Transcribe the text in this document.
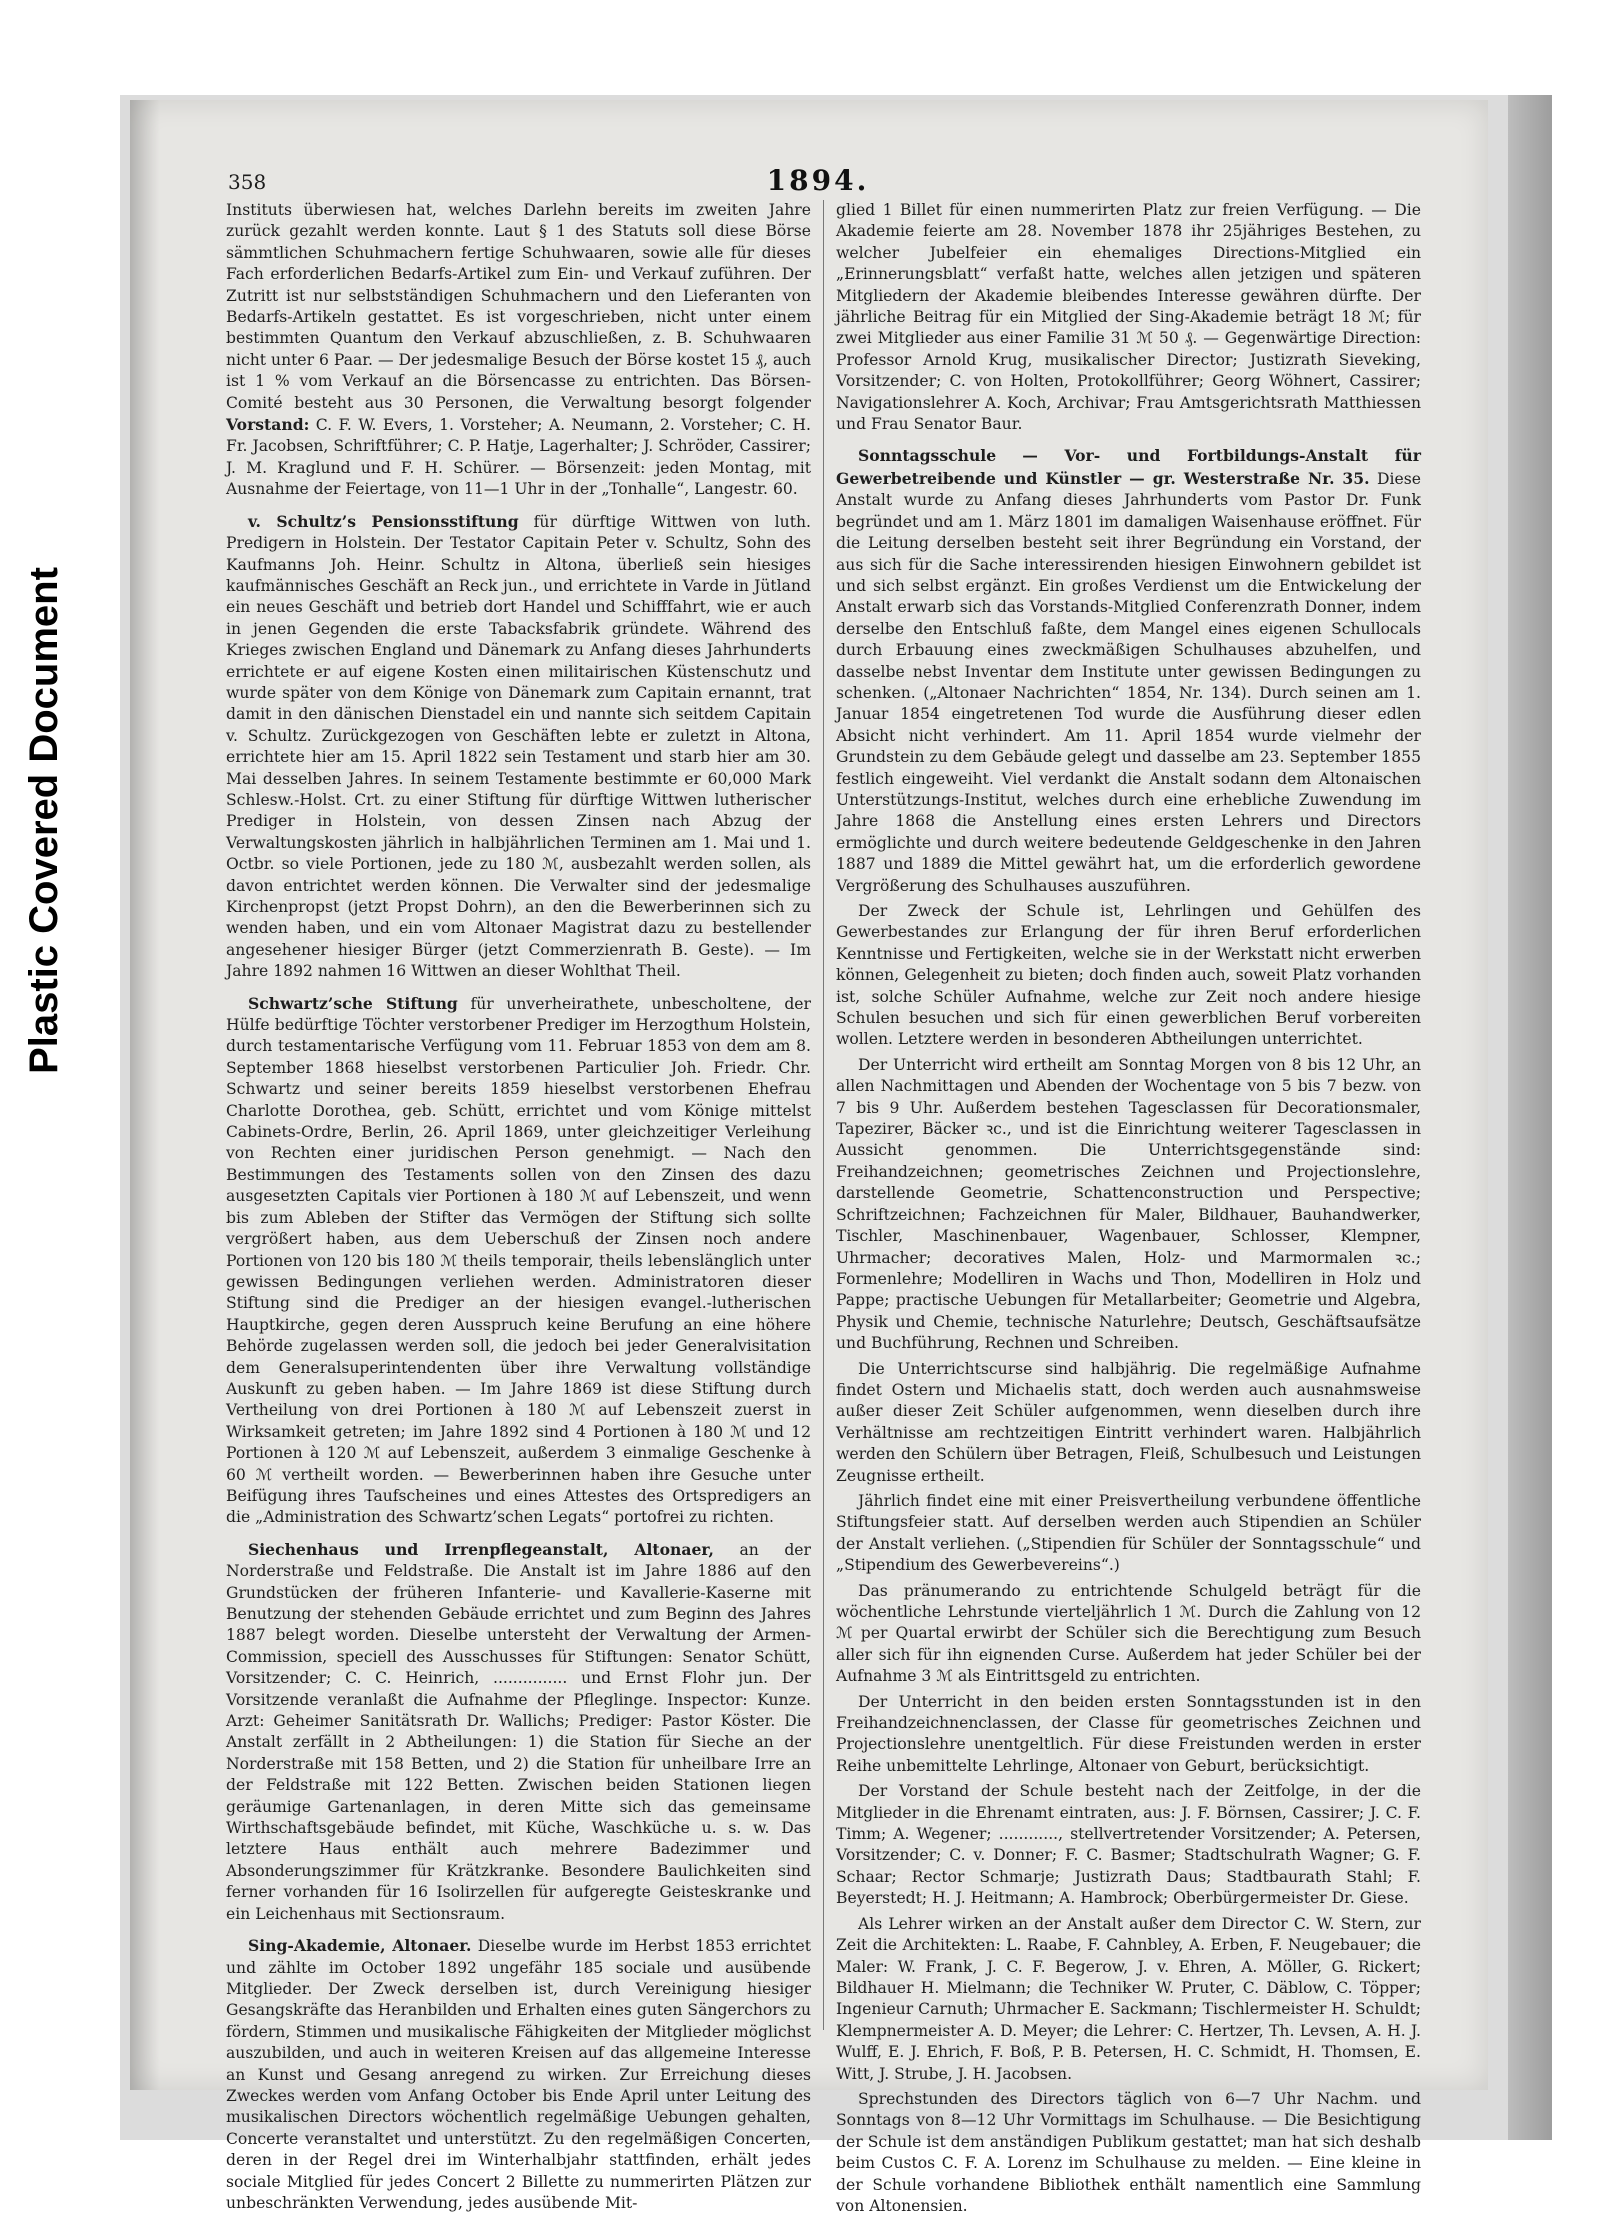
Plastic Covered Document
358	1894.

Instituts überwiesen hat, welches Darlehn bereits im zweiten Jahre zurück gezahlt werden konnte. Laut § 1 des Statuts soll diese Börse sämmtlichen Schuhmachern fertige Schuhwaaren, sowie alle für dieses Fach erforderlichen Bedarfs-Artikel zum Ein- und Verkauf zuführen. Der Zutritt ist nur selbstständigen Schuhmachern und den Lieferanten von Bedarfs-Artikeln gestattet. Es ist vorgeschrieben, nicht unter einem bestimmten Quantum den Verkauf abzuschließen, z. B. Schuhwaaren nicht unter 6 Paar. — Der jedesmalige Besuch der Börse kostet 15 ₰, auch ist 1 % vom Verkauf an die Börsencasse zu entrichten. Das Börsen-Comité besteht aus 30 Personen, die Verwaltung besorgt folgender Vorstand: C. F. W. Evers, 1. Vorsteher; A. Neumann, 2. Vorsteher; C. H. Fr. Jacobsen, Schriftführer; C. P. Hatje, Lagerhalter; J. Schröder, Cassirer; J. M. Kraglund und F. H. Schürer. — Börsenzeit: jeden Montag, mit Ausnahme der Feiertage, von 11—1 Uhr in der „Tonhalle“, Langestr. 60.

v. Schultz’s Pensionsstiftung für dürftige Wittwen von luth. Predigern in Holstein. Der Testator Capitain Peter v. Schultz, Sohn des Kaufmanns Joh. Heinr. Schultz in Altona, überließ sein hiesiges kaufmännisches Geschäft an Reck jun., und errichtete in Varde in Jütland ein neues Geschäft und betrieb dort Handel und Schifffahrt, wie er auch in jenen Gegenden die erste Tabacksfabrik gründete. Während des Krieges zwischen England und Dänemark zu Anfang dieses Jahrhunderts errichtete er auf eigene Kosten einen militairischen Küstenschutz und wurde später von dem Könige von Dänemark zum Capitain ernannt, trat damit in den dänischen Dienstadel ein und nannte sich seitdem Capitain v. Schultz. Zurückgezogen von Geschäften lebte er zuletzt in Altona, errichtete hier am 15. April 1822 sein Testament und starb hier am 30. Mai desselben Jahres. In seinem Testamente bestimmte er 60,000 Mark Schlesw.-Holst. Crt. zu einer Stiftung für dürftige Wittwen lutherischer Prediger in Holstein, von dessen Zinsen nach Abzug der Verwaltungskosten jährlich in halbjährlichen Terminen am 1. Mai und 1. Octbr. so viele Portionen, jede zu 180 ℳ, ausbezahlt werden sollen, als davon entrichtet werden können. Die Verwalter sind der jedesmalige Kirchenpropst (jetzt Propst Dohrn), an den die Bewerberinnen sich zu wenden haben, und ein vom Altonaer Magistrat dazu zu bestellender angesehener hiesiger Bürger (jetzt Commerzienrath B. Geste). — Im Jahre 1892 nahmen 16 Wittwen an dieser Wohlthat Theil.

Schwartz’sche Stiftung für unverheirathete, unbescholtene, der Hülfe bedürftige Töchter verstorbener Prediger im Herzogthum Holstein, durch testamentarische Verfügung vom 11. Februar 1853 von dem am 8. September 1868 hieselbst verstorbenen Particulier Joh. Friedr. Chr. Schwartz und seiner bereits 1859 hieselbst verstorbenen Ehefrau Charlotte Dorothea, geb. Schütt, errichtet und vom Könige mittelst Cabinets-Ordre, Berlin, 26. April 1869, unter gleichzeitiger Verleihung von Rechten einer juridischen Person genehmigt. — Nach den Bestimmungen des Testaments sollen von den Zinsen des dazu ausgesetzten Capitals vier Portionen à 180 ℳ auf Lebenszeit, und wenn bis zum Ableben der Stifter das Vermögen der Stiftung sich sollte vergrößert haben, aus dem Ueberschuß der Zinsen noch andere Portionen von 120 bis 180 ℳ theils temporair, theils lebenslänglich unter gewissen Bedingungen verliehen werden. Administratoren dieser Stiftung sind die Prediger an der hiesigen evangel.-lutherischen Hauptkirche, gegen deren Ausspruch keine Berufung an eine höhere Behörde zugelassen werden soll, die jedoch bei jeder Generalvisitation dem Generalsuperintendenten über ihre Verwaltung vollständige Auskunft zu geben haben. — Im Jahre 1869 ist diese Stiftung durch Vertheilung von drei Portionen à 180 ℳ auf Lebenszeit zuerst in Wirksamkeit getreten; im Jahre 1892 sind 4 Portionen à 180 ℳ und 12 Portionen à 120 ℳ auf Lebenszeit, außerdem 3 einmalige Geschenke à 60 ℳ vertheilt worden. — Bewerberinnen haben ihre Gesuche unter Beifügung ihres Taufscheines und eines Attestes des Ortspredigers an die „Administration des Schwartz’schen Legats“ portofrei zu richten.

Siechenhaus und Irrenpflegeanstalt, Altonaer, an der Norderstraße und Feldstraße. Die Anstalt ist im Jahre 1886 auf den Grundstücken der früheren Infanterie- und Kavallerie-Kaserne mit Benutzung der stehenden Gebäude errichtet und zum Beginn des Jahres 1887 belegt worden. Dieselbe untersteht der Verwaltung der Armen-Commission, speciell des Ausschusses für Stiftungen: Senator Schütt, Vorsitzender; C. C. Heinrich, ............... und Ernst Flohr jun. Der Vorsitzende veranlaßt die Aufnahme der Pfleglinge. Inspector: Kunze. Arzt: Geheimer Sanitätsrath Dr. Wallichs; Prediger: Pastor Köster. Die Anstalt zerfällt in 2 Abtheilungen: 1) die Station für Sieche an der Norderstraße mit 158 Betten, und 2) die Station für unheilbare Irre an der Feldstraße mit 122 Betten. Zwischen beiden Stationen liegen geräumige Gartenanlagen, in deren Mitte sich das gemeinsame Wirthschaftsgebäude befindet, mit Küche, Waschküche u. s. w. Das letztere Haus enthält auch mehrere Badezimmer und Absonderungszimmer für Krätzkranke. Besondere Baulichkeiten sind ferner vorhanden für 16 Isolirzellen für aufgeregte Geisteskranke und ein Leichenhaus mit Sectionsraum.

Sing-Akademie, Altonaer. Dieselbe wurde im Herbst 1853 errichtet und zählte im October 1892 ungefähr 185 sociale und ausübende Mitglieder. Der Zweck derselben ist, durch Vereinigung hiesiger Gesangskräfte das Heranbilden und Erhalten eines guten Sängerchors zu fördern, Stimmen und musikalische Fähigkeiten der Mitglieder möglichst auszubilden, und auch in weiteren Kreisen auf das allgemeine Interesse an Kunst und Gesang anregend zu wirken. Zur Erreichung dieses Zweckes werden vom Anfang October bis Ende April unter Leitung des musikalischen Directors wöchentlich regelmäßige Uebungen gehalten, Concerte veranstaltet und unterstützt. Zu den regelmäßigen Concerten, deren in der Regel drei im Winterhalbjahr stattfinden, erhält jedes sociale Mitglied für jedes Concert 2 Billette zu nummerirten Plätzen zur unbeschränkten Verwendung, jedes ausübende Mit-

glied 1 Billet für einen nummerirten Platz zur freien Verfügung. — Die Akademie feierte am 28. November 1878 ihr 25jähriges Bestehen, zu welcher Jubelfeier ein ehemaliges Directions-Mitglied ein „Erinnerungsblatt“ verfaßt hatte, welches allen jetzigen und späteren Mitgliedern der Akademie bleibendes Interesse gewähren dürfte. Der jährliche Beitrag für ein Mitglied der Sing-Akademie beträgt 18 ℳ; für zwei Mitglieder aus einer Familie 31 ℳ 50 ₰. — Gegenwärtige Direction: Professor Arnold Krug, musikalischer Director; Justizrath Sieveking, Vorsitzender; C. von Holten, Protokollführer; Georg Wöhnert, Cassirer; Navigationslehrer A. Koch, Archivar; Frau Amtsgerichtsrath Matthiessen und Frau Senator Baur.

Sonntagsschule — Vor- und Fortbildungs-Anstalt für Gewerbetreibende und Künstler — gr. Westerstraße Nr. 35. Diese Anstalt wurde zu Anfang dieses Jahrhunderts vom Pastor Dr. Funk begründet und am 1. März 1801 im damaligen Waisenhause eröffnet. Für die Leitung derselben besteht seit ihrer Begründung ein Vorstand, der aus sich für die Sache interessirenden hiesigen Einwohnern gebildet ist und sich selbst ergänzt. Ein großes Verdienst um die Entwickelung der Anstalt erwarb sich das Vorstands-Mitglied Conferenzrath Donner, indem derselbe den Entschluß faßte, dem Mangel eines eigenen Schullocals durch Erbauung eines zweckmäßigen Schulhauses abzuhelfen, und dasselbe nebst Inventar dem Institute unter gewissen Bedingungen zu schenken. („Altonaer Nachrichten“ 1854, Nr. 134). Durch seinen am 1. Januar 1854 eingetretenen Tod wurde die Ausführung dieser edlen Absicht nicht verhindert. Am 11. April 1854 wurde vielmehr der Grundstein zu dem Gebäude gelegt und dasselbe am 23. September 1855 festlich eingeweiht. Viel verdankt die Anstalt sodann dem Altonaischen Unterstützungs-Institut, welches durch eine erhebliche Zuwendung im Jahre 1868 die Anstellung eines ersten Lehrers und Directors ermöglichte und durch weitere bedeutende Geldgeschenke in den Jahren 1887 und 1889 die Mittel gewährt hat, um die erforderlich gewordene Vergrößerung des Schulhauses auszuführen.

Der Zweck der Schule ist, Lehrlingen und Gehülfen des Gewerbestandes zur Erlangung der für ihren Beruf erforderlichen Kenntnisse und Fertigkeiten, welche sie in der Werkstatt nicht erwerben können, Gelegenheit zu bieten; doch finden auch, soweit Platz vorhanden ist, solche Schüler Aufnahme, welche zur Zeit noch andere hiesige Schulen besuchen und sich für einen gewerblichen Beruf vorbereiten wollen. Letztere werden in besonderen Abtheilungen unterrichtet.

Der Unterricht wird ertheilt am Sonntag Morgen von 8 bis 12 Uhr, an allen Nachmittagen und Abenden der Wochentage von 5 bis 7 bezw. von 7 bis 9 Uhr. Außerdem bestehen Tagesclassen für Decorationsmaler, Tapezirer, Bäcker ꝛc., und ist die Einrichtung weiterer Tagesclassen in Aussicht genommen. Die Unterrichtsgegenstände sind: Freihandzeichnen; geometrisches Zeichnen und Projectionslehre, darstellende Geometrie, Schattenconstruction und Perspective; Schriftzeichnen; Fachzeichnen für Maler, Bildhauer, Bauhandwerker, Tischler, Maschinenbauer, Wagenbauer, Schlosser, Klempner, Uhrmacher; decoratives Malen, Holz- und Marmormalen ꝛc.; Formenlehre; Modelliren in Wachs und Thon, Modelliren in Holz und Pappe; practische Uebungen für Metallarbeiter; Geometrie und Algebra, Physik und Chemie, technische Naturlehre; Deutsch, Geschäftsaufsätze und Buchführung, Rechnen und Schreiben.

Die Unterrichtscurse sind halbjährig. Die regelmäßige Aufnahme findet Ostern und Michaelis statt, doch werden auch ausnahmsweise außer dieser Zeit Schüler aufgenommen, wenn dieselben durch ihre Verhältnisse am rechtzeitigen Eintritt verhindert waren. Halbjährlich werden den Schülern über Betragen, Fleiß, Schulbesuch und Leistungen Zeugnisse ertheilt.

Jährlich findet eine mit einer Preisvertheilung verbundene öffentliche Stiftungsfeier statt. Auf derselben werden auch Stipendien an Schüler der Anstalt verliehen. („Stipendien für Schüler der Sonntagsschule“ und „Stipendium des Gewerbevereins“.)

Das pränumerando zu entrichtende Schulgeld beträgt für die wöchentliche Lehrstunde vierteljährlich 1 ℳ. Durch die Zahlung von 12 ℳ per Quartal erwirbt der Schüler sich die Berechtigung zum Besuch aller sich für ihn eignenden Curse. Außerdem hat jeder Schüler bei der Aufnahme 3 ℳ als Eintrittsgeld zu entrichten.

Der Unterricht in den beiden ersten Sonntagsstunden ist in den Freihandzeichnenclassen, der Classe für geometrisches Zeichnen und Projectionslehre unentgeltlich. Für diese Freistunden werden in erster Reihe unbemittelte Lehrlinge, Altonaer von Geburt, berücksichtigt.

Der Vorstand der Schule besteht nach der Zeitfolge, in der die Mitglieder in die Ehrenamt eintraten, aus: J. F. Börnsen, Cassirer; J. C. F. Timm; A. Wegener; ............, stellvertretender Vorsitzender; A. Petersen, Vorsitzender; C. v. Donner; F. C. Basmer; Stadtschulrath Wagner; G. F. Schaar; Rector Schmarje; Justizrath Daus; Stadtbaurath Stahl; F. Beyerstedt; H. J. Heitmann; A. Hambrock; Oberbürgermeister Dr. Giese.

Als Lehrer wirken an der Anstalt außer dem Director C. W. Stern, zur Zeit die Architekten: L. Raabe, F. Cahnbley, A. Erben, F. Neugebauer; die Maler: W. Frank, J. C. F. Begerow, J. v. Ehren, A. Möller, G. Rickert; Bildhauer H. Mielmann; die Techniker W. Pruter, C. Däblow, C. Töpper; Ingenieur Carnuth; Uhrmacher E. Sackmann; Tischlermeister H. Schuldt; Klempnermeister A. D. Meyer; die Lehrer: C. Hertzer, Th. Levsen, A. H. J. Wulff, E. J. Ehrich, F. Boß, P. B. Petersen, H. C. Schmidt, H. Thomsen, E. Witt, J. Strube, J. H. Jacobsen.

Sprechstunden des Directors täglich von 6—7 Uhr Nachm. und Sonntags von 8—12 Uhr Vormittags im Schulhause. — Die Besichtigung der Schule ist dem anständigen Publikum gestattet; man hat sich deshalb beim Custos C. F. A. Lorenz im Schulhause zu melden. — Eine kleine in der Schule vorhandene Bibliothek enthält namentlich eine Sammlung von Altonensien.
